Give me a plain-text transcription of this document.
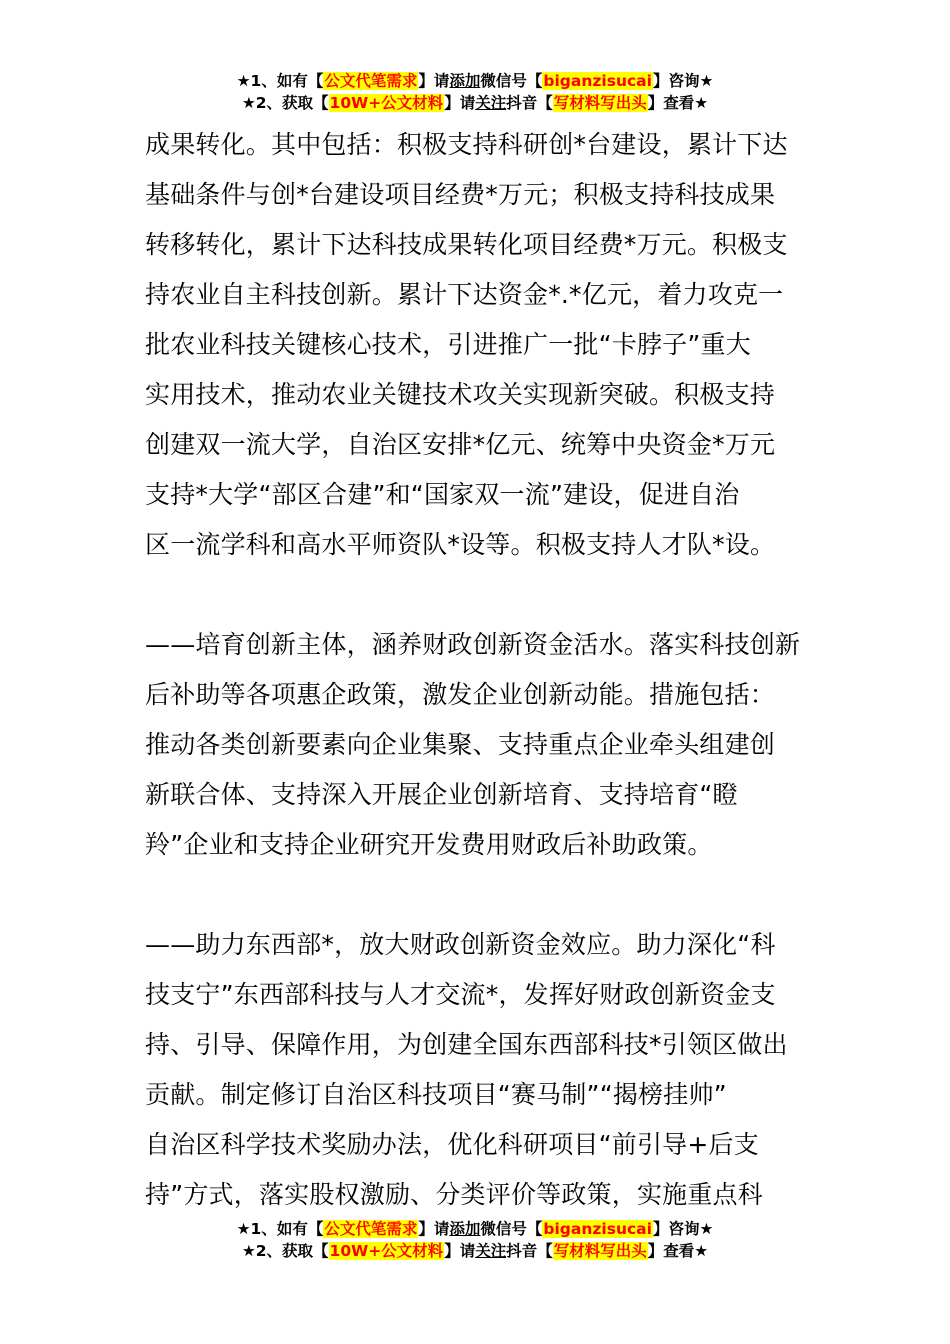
★1、如有【公文代笔需求】请添加微信号【biganzisucai】咨询★
★2、获取【10W+公文材料】请关注抖音【写材料写出头】查看★
成果转化。其中包括：积极支持科研创*台建设，累计下达
基础条件与创*台建设项目经费*万元；积极支持科技成果
转移转化，累计下达科技成果转化项目经费*万元。积极支
持农业自主科技创新。累计下达资金*.*亿元，着力攻克一
批农业科技关键核心技术，引进推广一批“卡脖子”重大
实用技术，推动农业关键技术攻关实现新突破。积极支持
创建双一流大学，自治区安排*亿元、统筹中央资金*万元
支持*大学“部区合建”和“国家双一流”建设，促进自治
区一流学科和高水平师资队*设等。积极支持人才队*设。
——培育创新主体，涵养财政创新资金活水。落实科技创新
后补助等各项惠企政策，激发企业创新动能。措施包括：
推动各类创新要素向企业集聚、支持重点企业牵头组建创
新联合体、支持深入开展企业创新培育、支持培育“瞪
羚”企业和支持企业研究开发费用财政后补助政策。
——助力东西部*，放大财政创新资金效应。助力深化“科
技支宁”东西部科技与人才交流*，发挥好财政创新资金支
持、引导、保障作用，为创建全国东西部科技*引领区做出
贡献。制定修订自治区科技项目“赛马制”“揭榜挂帅”
自治区科学技术奖励办法，优化科研项目“前引导+后支
持”方式，落实股权激励、分类评价等政策，实施重点科
★1、如有【公文代笔需求】请添加微信号【biganzisucai】咨询★
★2、获取【10W+公文材料】请关注抖音【写材料写出头】查看★
